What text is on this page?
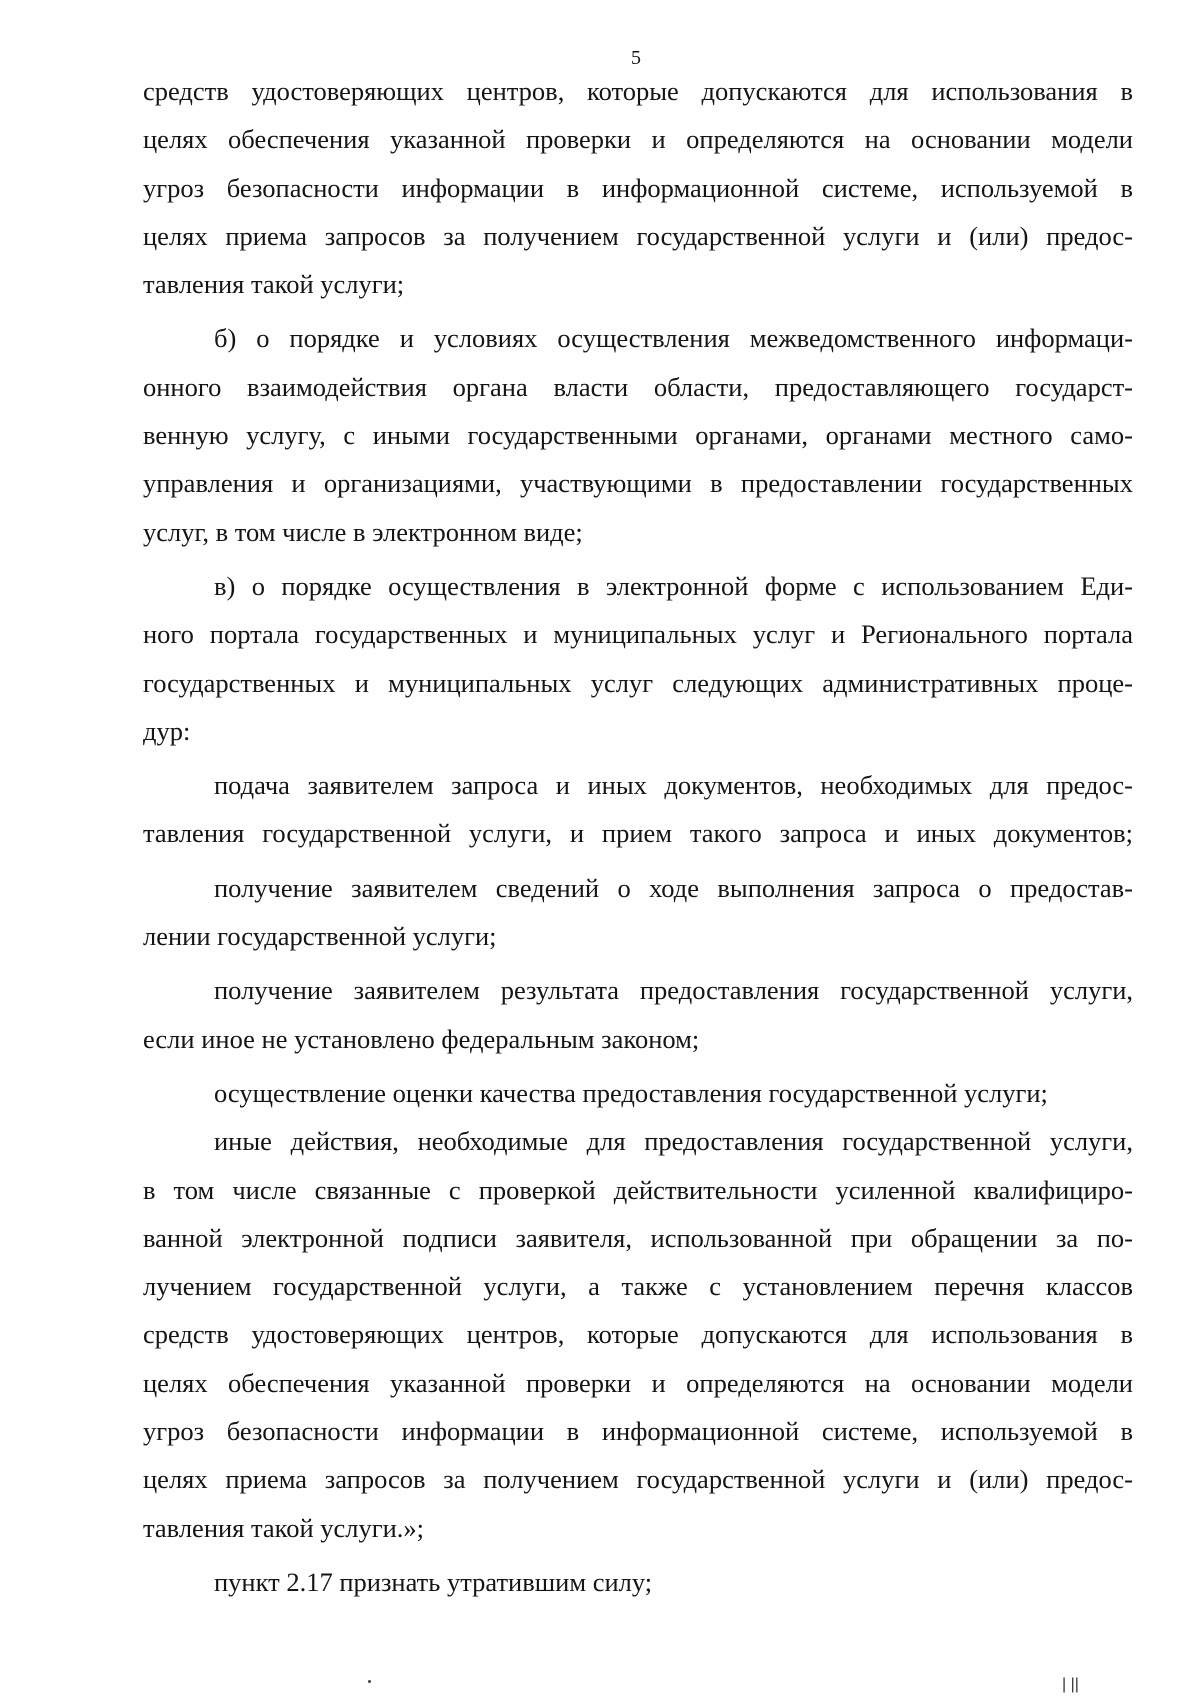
5
средств удостоверяющих центров, которые допускаются для использования в
целях обеспечения указанной проверки и определяются на основании модели
угроз безопасности информации в информационной системе, используемой в
целях приема запросов за получением государственной услуги и (или) предос-
тавления такой услуги;
б) о порядке и условиях осуществления межведомственного информаци-
онного взаимодействия органа власти области, предоставляющего государст-
венную услугу, с иными государственными органами, органами местного само-
управления и организациями, участвующими в предоставлении государственных
услуг, в том числе в электронном виде;
в) о порядке осуществления в электронной форме с использованием Еди-
ного портала государственных и муниципальных услуг и Регионального портала
государственных и муниципальных услуг следующих административных проце-
дур:
подача заявителем запроса и иных документов, необходимых для предос-
тавления государственной услуги, и прием такого запроса и иных документов;
получение заявителем сведений о ходе выполнения запроса о предостав-
лении государственной услуги;
получение заявителем результата предоставления государственной услуги,
если иное не установлено федеральным законом;
осуществление оценки качества предоставления государственной услуги;
иные действия, необходимые для предоставления государственной услуги,
в том числе связанные с проверкой действительности усиленной квалифициро-
ванной электронной подписи заявителя, использованной при обращении за по-
лучением государственной услуги, а также с установлением перечня классов
средств удостоверяющих центров, которые допускаются для использования в
целях обеспечения указанной проверки и определяются на основании модели
угроз безопасности информации в информационной системе, используемой в
целях приема запросов за получением государственной услуги и (или) предос-
тавления такой услуги.»;
пункт 2.17 признать утратившим силу;
| ||
